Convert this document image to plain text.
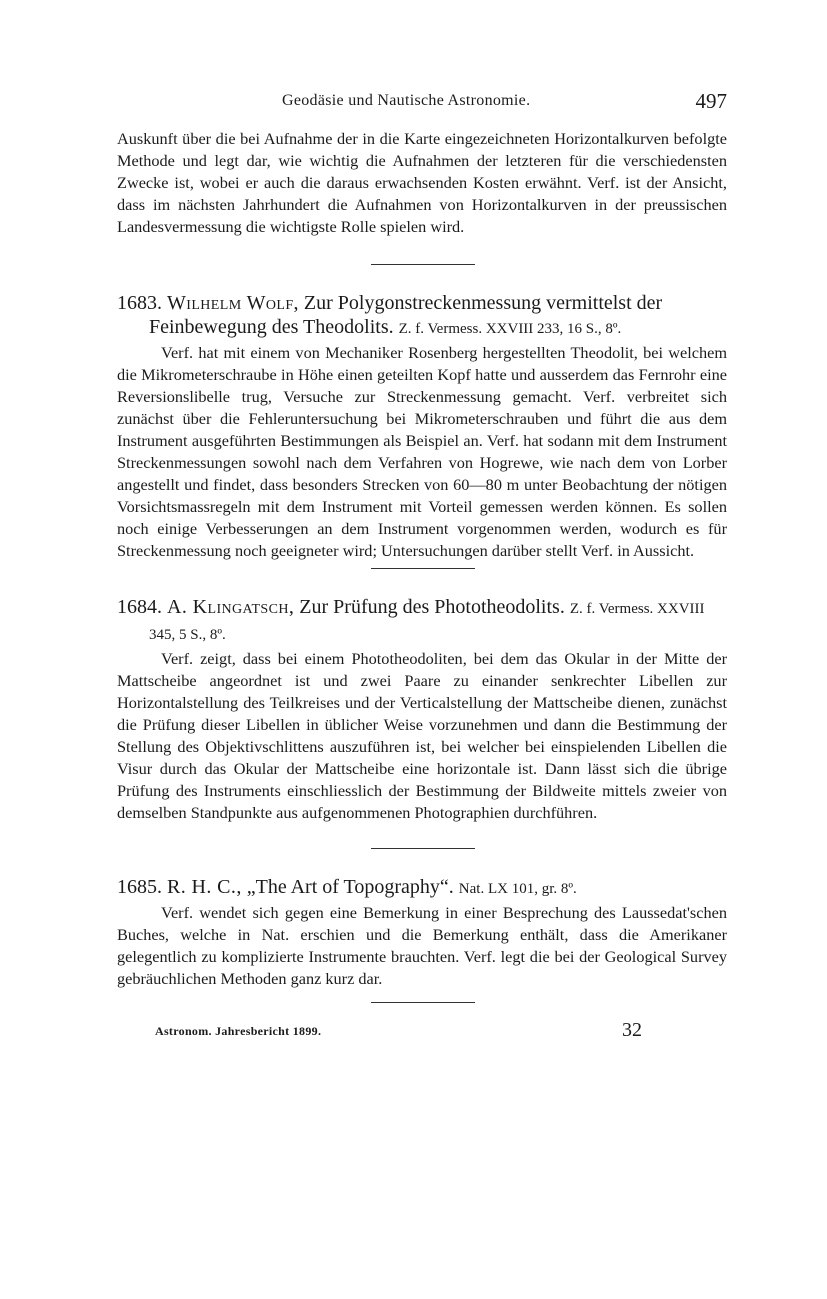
Geodäsie und Nautische Astronomie.	497

Auskunft über die bei Aufnahme der in die Karte eingezeichneten Horizontalkurven befolgte Methode und legt dar, wie wichtig die Aufnahmen der letzteren für die verschiedensten Zwecke ist, wobei er auch die daraus erwachsenden Kosten erwähnt. Verf. ist der Ansicht, dass im nächsten Jahrhundert die Aufnahmen von Horizontalkurven in der preussischen Landesvermessung die wichtigste Rolle spielen wird.

1683. Wilhelm Wolf, Zur Polygonstreckenmessung vermittelst der Feinbewegung des Theodolits. Z. f. Vermess. XXVIII 233, 16 S., 8º.

Verf. hat mit einem von Mechaniker Rosenberg hergestellten Theodolit, bei welchem die Mikrometerschraube in Höhe einen geteilten Kopf hatte und ausserdem das Fernrohr eine Reversionslibelle trug, Versuche zur Streckenmessung gemacht. Verf. verbreitet sich zunächst über die Fehleruntersuchung bei Mikrometerschrauben und führt die aus dem Instrument ausgeführten Bestimmungen als Beispiel an. Verf. hat sodann mit dem Instrument Streckenmessungen sowohl nach dem Verfahren von Hogrewe, wie nach dem von Lorber angestellt und findet, dass besonders Strecken von 60—80 m unter Beobachtung der nötigen Vorsichtsmassregeln mit dem Instrument mit Vorteil gemessen werden können. Es sollen noch einige Verbesserungen an dem Instrument vorgenommen werden, wodurch es für Streckenmessung noch geeigneter wird; Untersuchungen darüber stellt Verf. in Aussicht.

1684. A. Klingatsch, Zur Prüfung des Phototheodolits. Z. f. Vermess. XXVIII 345, 5 S., 8º.

Verf. zeigt, dass bei einem Phototheodoliten, bei dem das Okular in der Mitte der Mattscheibe angeordnet ist und zwei Paare zu einander senkrechter Libellen zur Horizontalstellung des Teilkreises und der Verticalstellung der Mattscheibe dienen, zunächst die Prüfung dieser Libellen in üblicher Weise vorzunehmen und dann die Bestimmung der Stellung des Objektivschlittens auszuführen ist, bei welcher bei einspielenden Libellen die Visur durch das Okular der Mattscheibe eine horizontale ist. Dann lässt sich die übrige Prüfung des Instruments einschliesslich der Bestimmung der Bildweite mittels zweier von demselben Standpunkte aus aufgenommenen Photographien durchführen.

1685. R. H. C., „The Art of Topography“. Nat. LX 101, gr. 8º.

Verf. wendet sich gegen eine Bemerkung in einer Besprechung des Laussedat'schen Buches, welche in Nat. erschien und die Bemerkung enthält, dass die Amerikaner gelegentlich zu komplizierte Instrumente brauchten. Verf. legt die bei der Geological Survey gebräuchlichen Methoden ganz kurz dar.

Astronom. Jahresbericht 1899.	32
